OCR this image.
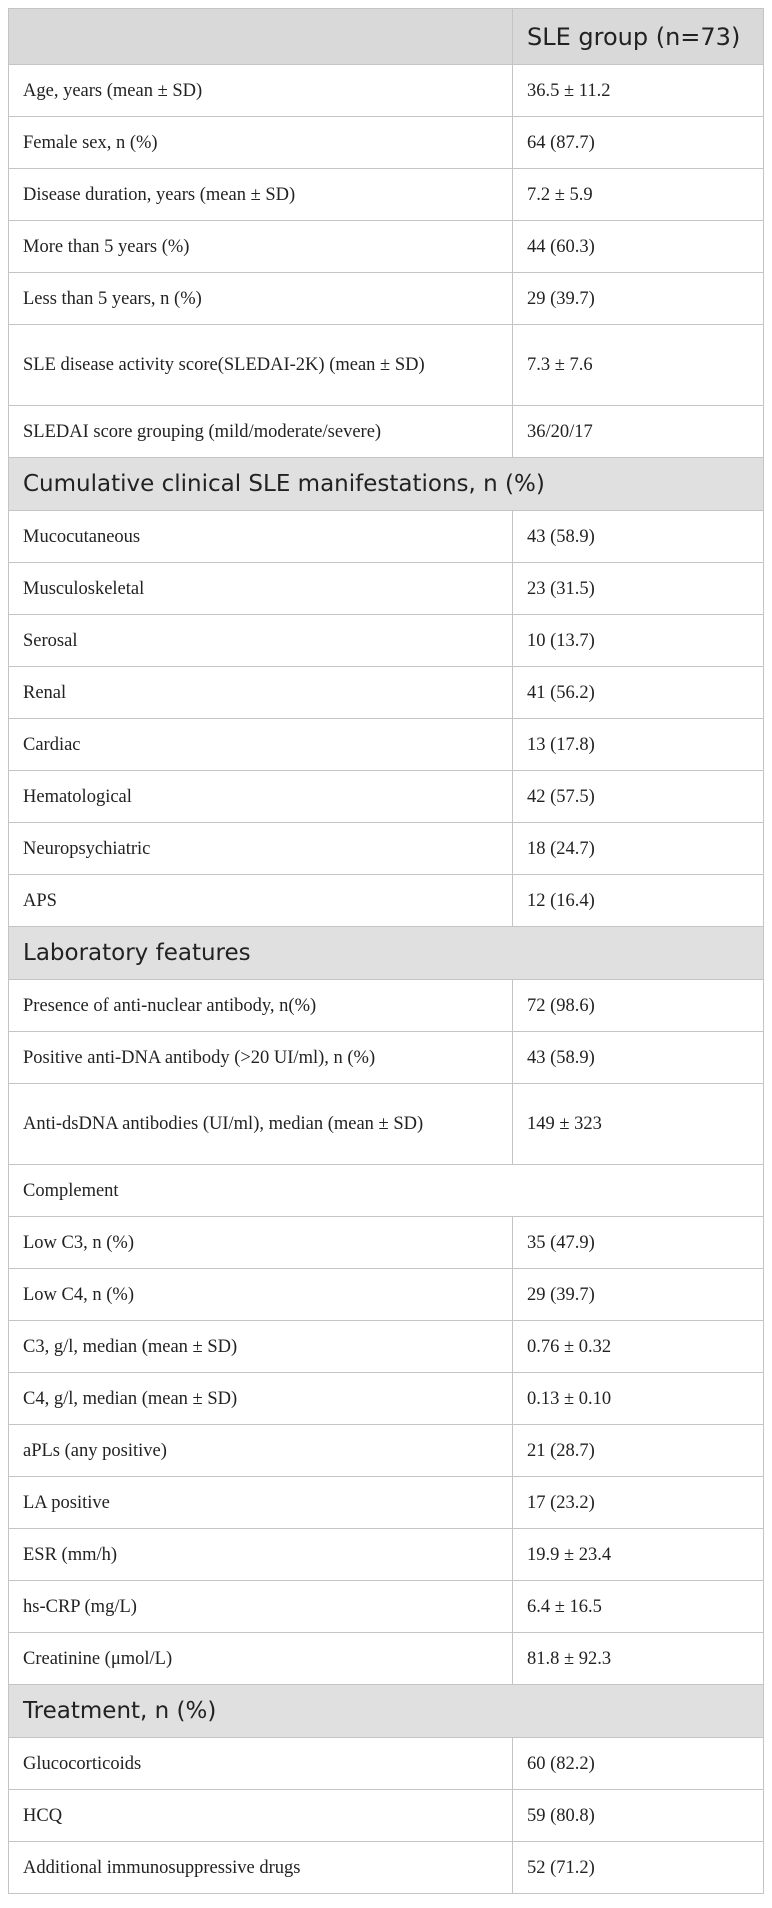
	SLE group (n=73)
Age, years (mean ± SD)	36.5 ± 11.2
Female sex, n (%)	64 (87.7)
Disease duration, years (mean ± SD)	7.2 ± 5.9
More than 5 years (%)	44 (60.3)
Less than 5 years, n (%)	29 (39.7)
SLE disease activity score(SLEDAI-2K) (mean ± SD)	7.3 ± 7.6
SLEDAI score grouping (mild/moderate/severe)	36/20/17
Cumulative clinical SLE manifestations, n (%)	
Mucocutaneous	43 (58.9)
Musculoskeletal	23 (31.5)
Serosal	10 (13.7)
Renal	41 (56.2)
Cardiac	13 (17.8)
Hematological	42 (57.5)
Neuropsychiatric	18 (24.7)
APS	12 (16.4)
Laboratory features	
Presence of anti-nuclear antibody, n(%)	72 (98.6)
Positive anti-DNA antibody (>20 UI/ml), n (%)	43 (58.9)
Anti-dsDNA antibodies (UI/ml), median (mean ± SD)	149 ± 323
Complement	
Low C3, n (%)	35 (47.9)
Low C4, n (%)	29 (39.7)
C3, g/l, median (mean ± SD)	0.76 ± 0.32
C4, g/l, median (mean ± SD)	0.13 ± 0.10
aPLs (any positive)	21 (28.7)
LA positive	17 (23.2)
ESR (mm/h)	19.9 ± 23.4
hs-CRP (mg/L)	6.4 ± 16.5
Creatinine (μmol/L)	81.8 ± 92.3
Treatment, n (%)	
Glucocorticoids	60 (82.2)
HCQ	59 (80.8)
Additional immunosuppressive drugs	52 (71.2)
